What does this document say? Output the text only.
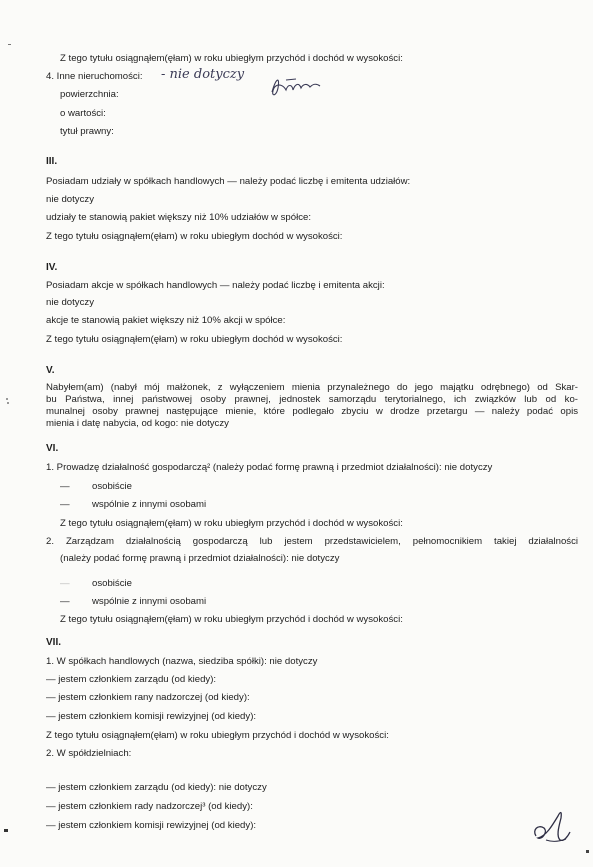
Z tego tytułu osiągnąłem(ęłam) w roku ubiegłym przychód i dochód w wysokości:
4. Inne nieruchomości: - nie dotyczy
powierzchnia:
o wartości:
tytuł prawny:
III.
Posiadam udziały w spółkach handlowych — należy podać liczbę i emitenta udziałów:
nie dotyczy
udziały te stanowią pakiet większy niż 10% udziałów w spółce:
Z tego tytułu osiągnąłem(ęłam) w roku ubiegłym dochód w wysokości:
IV.
Posiadam akcje w spółkach handlowych — należy podać liczbę i emitenta akcji:
nie dotyczy
akcje te stanowią pakiet większy niż 10% akcji w spółce:
Z tego tytułu osiągnąłem(ęłam) w roku ubiegłym dochód w wysokości:
V.
Nabyłem(am) (nabył mój małżonek, z wyłączeniem mienia przynależnego do jego majątku odrębnego) od Skar-
bu Państwa, innej państwowej osoby prawnej, jednostek samorządu terytorialnego, ich związków lub od ko-
munalnej osoby prawnej następujące mienie, które podlegało zbyciu w drodze przetargu — należy podać opis
mienia i datę nabycia, od kogo: nie dotyczy
VI.
1. Prowadzę działalność gospodarczą² (należy podać formę prawną i przedmiot działalności): nie dotyczy
— osobiście
— wspólnie z innymi osobami
Z tego tytułu osiągnąłem(ęłam) w roku ubiegłym przychód i dochód w wysokości:
2. Zarządzam działalnością gospodarczą lub jestem przedstawicielem, pełnomocnikiem takiej działalności
(należy podać formę prawną i przedmiot działalności): nie dotyczy
— osobiście
— wspólnie z innymi osobami
Z tego tytułu osiągnąłem(ęłam) w roku ubiegłym przychód i dochód w wysokości:
VII.
1. W spółkach handlowych (nazwa, siedziba spółki): nie dotyczy
— jestem członkiem zarządu (od kiedy):
— jestem członkiem rany nadzorczej (od kiedy):
— jestem członkiem komisji rewizyjnej (od kiedy):
Z tego tytułu osiągnąłem(ęłam) w roku ubiegłym przychód i dochód w wysokości:
2. W spółdzielniach:
— jestem członkiem zarządu (od kiedy): nie dotyczy
— jestem członkiem rady nadzorczej³ (od kiedy):
— jestem członkiem komisji rewizyjnej (od kiedy):
